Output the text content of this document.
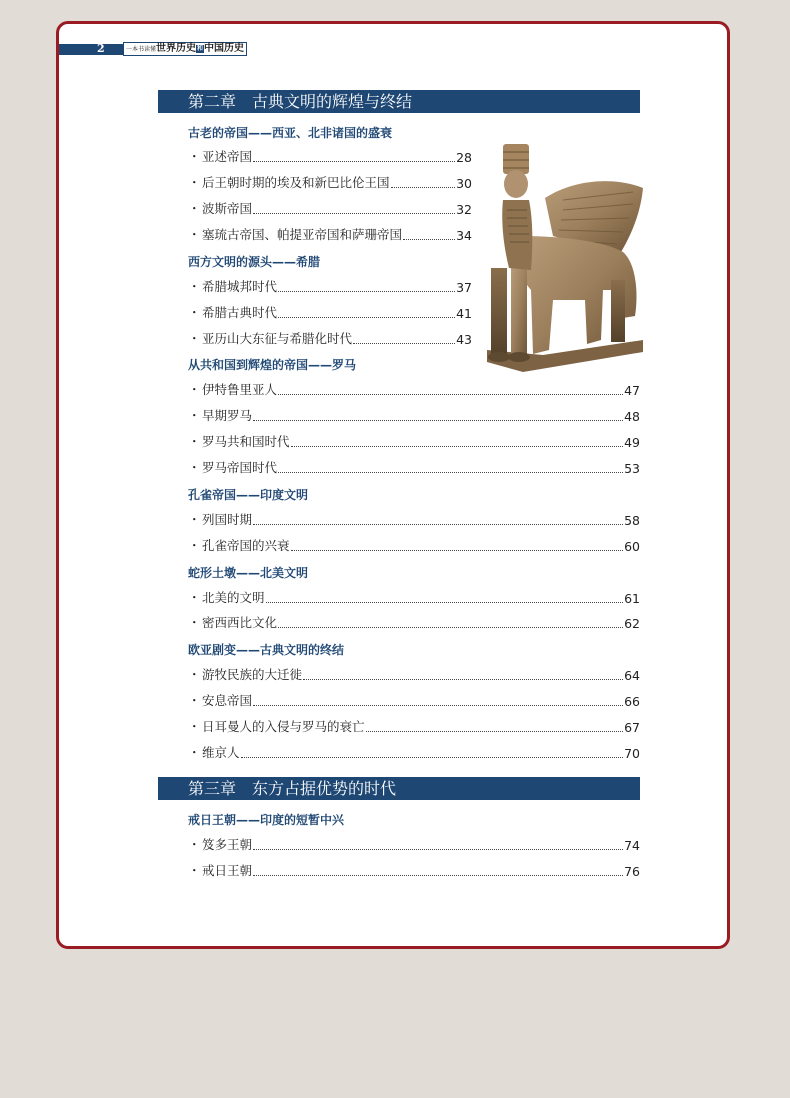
2	一本书读懂世界历史和中国历史
第二章　古典文明的辉煌与终结
古老的帝国——西亚、北非诸国的盛衰
・ 亚述帝国	28
・ 后王朝时期的埃及和新巴比伦王国	30
・ 波斯帝国	32
・ 塞琉古帝国、帕提亚帝国和萨珊帝国	34
西方文明的源头——希腊
・ 希腊城邦时代	37
・ 希腊古典时代	41
・ 亚历山大东征与希腊化时代	43
从共和国到辉煌的帝国——罗马
・ 伊特鲁里亚人	47
・ 早期罗马	48
・ 罗马共和国时代	49
・ 罗马帝国时代	53
孔雀帝国——印度文明
・ 列国时期	58
・ 孔雀帝国的兴衰	60
蛇形土墩——北美文明
・ 北美的文明	61
・ 密西西比文化	62
欧亚剧变——古典文明的终结
・ 游牧民族的大迁徙	64
・ 安息帝国	66
・ 日耳曼人的入侵与罗马的衰亡	67
・ 维京人	70
第三章　东方占据优势的时代
戒日王朝——印度的短暂中兴
・ 笈多王朝	74
・ 戒日王朝	76
